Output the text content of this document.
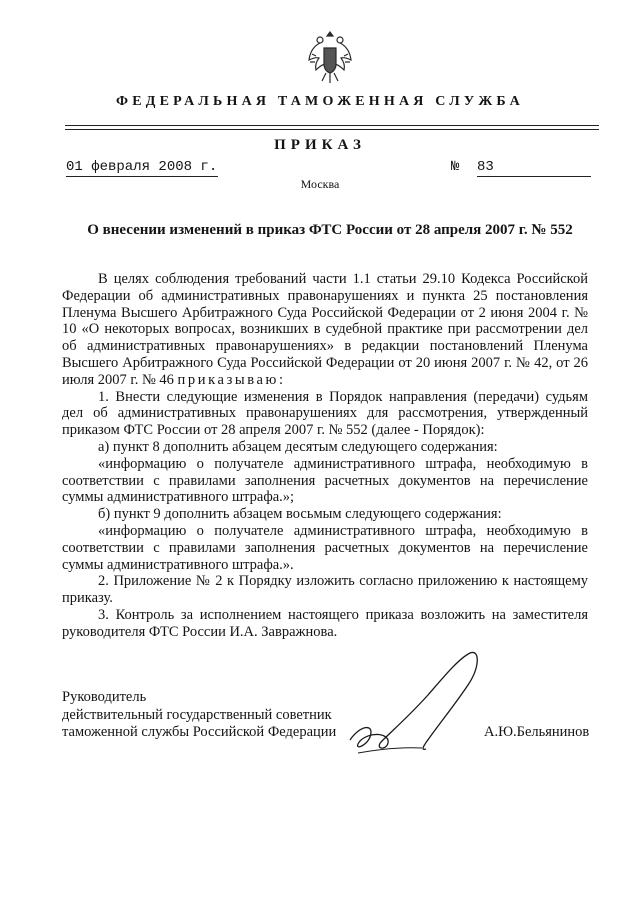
ФЕДЕРАЛЬНАЯ ТАМОЖЕННАЯ СЛУЖБА
ПРИКАЗ
01 февраля 2008 г.	№ 83
Москва
О внесении изменений в приказ ФТС России от 28 апреля 2007 г. № 552

В целях соблюдения требований части 1.1 статьи 29.10 Кодекса Российской Федерации об административных правонарушениях и пункта 25 постановления Пленума Высшего Арбитражного Суда Российской Федерации от 2 июня 2004 г. № 10 «О некоторых вопросах, возникших в судебной практике при рассмотрении дел об административных правонарушениях» в редакции постановлений Пленума Высшего Арбитражного Суда Российской Федерации от 20 июня 2007 г. № 42, от 26 июля 2007 г. № 46 приказываю:

1. Внести следующие изменения в Порядок направления (передачи) судьям дел об административных правонарушениях для рассмотрения, утвержденный приказом ФТС России от 28 апреля 2007 г. № 552 (далее - Порядок):

а) пункт 8 дополнить абзацем десятым следующего содержания:

«информацию о получателе административного штрафа, необходимую в соответствии с правилами заполнения расчетных документов на перечисление суммы административного штрафа.»;

б) пункт 9 дополнить абзацем восьмым следующего содержания:

«информацию о получателе административного штрафа, необходимую в соответствии с правилами заполнения расчетных документов на перечисление суммы административного штрафа.».

2. Приложение № 2 к Порядку изложить согласно приложению к настоящему приказу.

3. Контроль за исполнением настоящего приказа возложить на заместителя руководителя ФТС России И.А. Завражнова.

Руководитель
действительный государственный советник
таможенной службы Российской Федерации	А.Ю.Бельянинов
